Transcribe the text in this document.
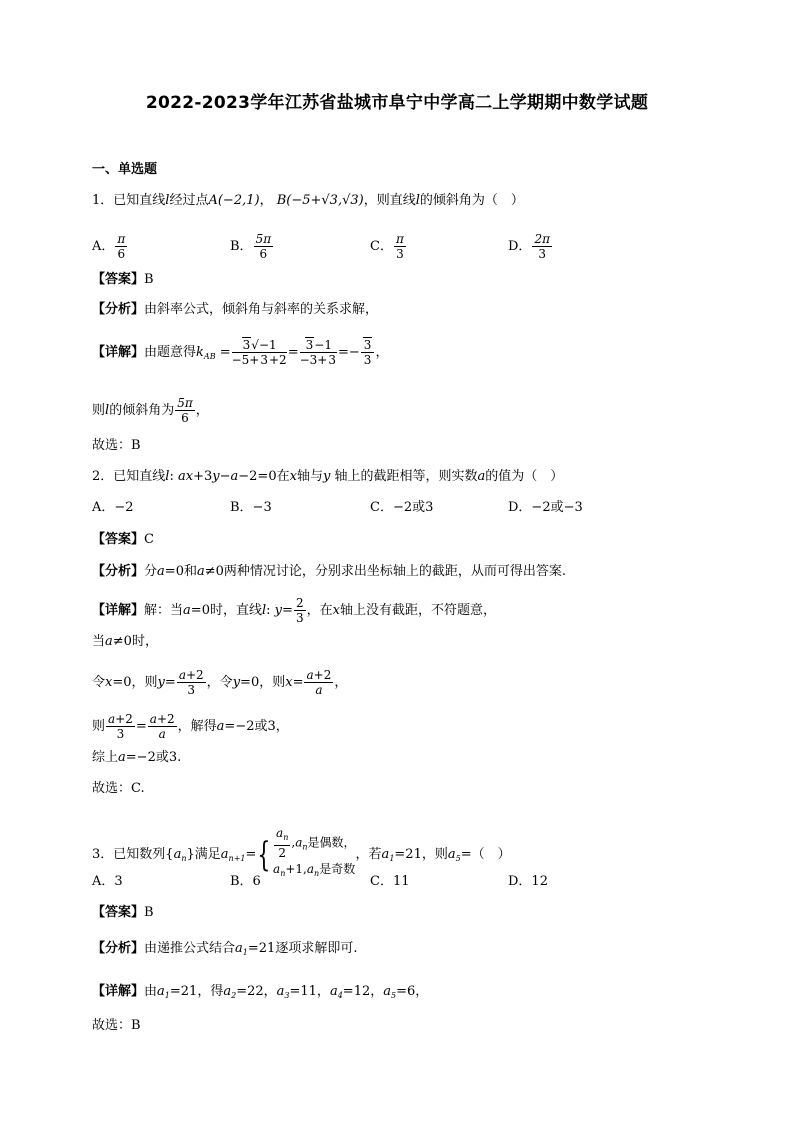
2022-2023学年江苏省盐城市阜宁中学高二上学期期中数学试题
一、单选题
1．已知直线l经过点A(−2,1)， B(−5+√3,√3)，则直线l的倾斜角为（　）
A． $\frac{\pi}{6}$	B． $\frac{5\pi}{6}$	C． $\frac{\pi}{3}$	D． $\frac{2\pi}{3}$
【答案】B
【分析】由斜率公式，倾斜角与斜率的关系求解，
【详解】由题意得$k_{AB} = \frac{3√-1}{-5+3+2} = \frac{3-1}{-3+3} =- \frac{3}{3}$ ，
则l的倾斜角为 $\frac{5\pi}{6}$ ，
故选：B
2．已知直线l: ax+3y−a−2=0在x轴与y 轴上的截距相等，则实数a的值为（　）
A．−2	B．−3	C．−2或3	D．−2或−3
【答案】C
【分析】分a=0和a≠0两种情况讨论，分别求出坐标轴上的截距，从而可得出答案.
【详解】解：当a=0时，直线l: $y= \frac{2}{3}$ ，在x轴上没有截距，不符题意，
当a≠0时，
令x=0，则$y= \frac{a+2}{3}$ ，令y=0，则$x= \frac{a+2}{a}$ ，
则 $\frac{a+2}{3} = \frac{a+2}{a}$ ，解得a=−2或3，
综上a=−2或3.
故选：C.
3．已知数列$\{a_n\}$满足$a_{n+1}=\{ \frac{a_n}{2} ,a_n$是偶数，
$a_n+1,a_n$是奇数
，若$a_1=21$，则$a_5=$（　）
A．3	B．6	C．11	D．12
【答案】B
【分析】由递推公式结合$a_1=21$逐项求解即可.
【详解】由$a_1=21$，得$a_2=22$，$a_3=11$，$a_4=12$，$a_5=6$，
故选：B
